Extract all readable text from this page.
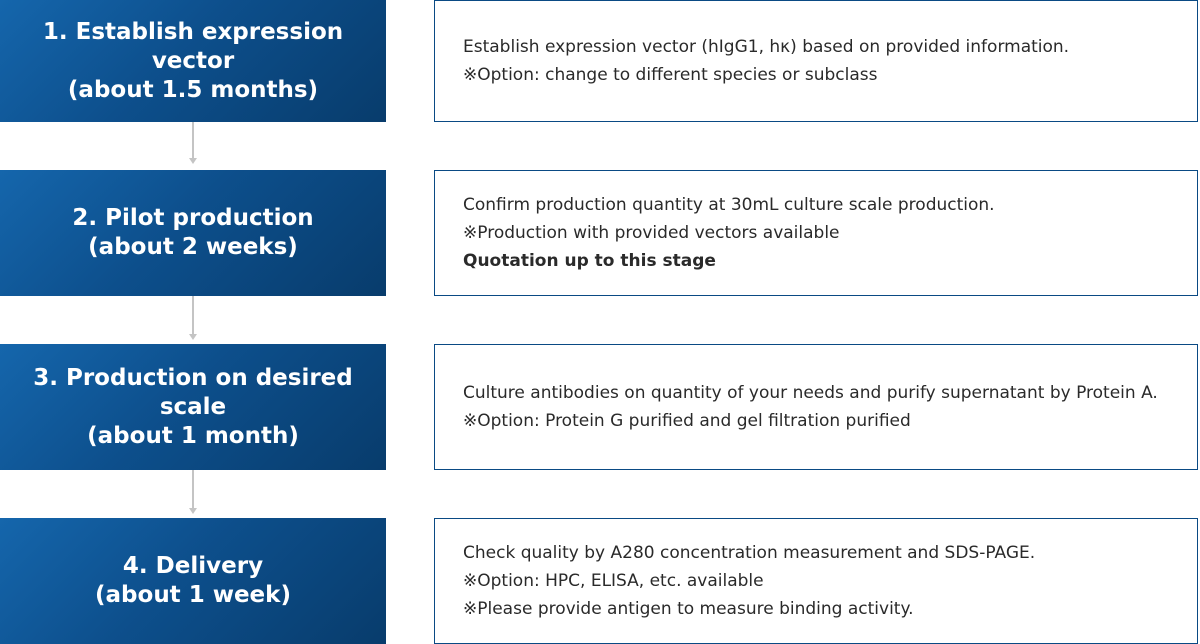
1. Establish expression vector
(about 1.5 months)
Establish expression vector (hIgG1, hκ) based on provided information.
※Option: change to different species or subclass
2. Pilot production
(about 2 weeks)
Confirm production quantity at 30mL culture scale production.
※Production with provided vectors available
Quotation up to this stage
3. Production on desired scale
(about 1 month)
Culture antibodies on quantity of your needs and purify supernatant by Protein A.
※Option: Protein G purified and gel filtration purified
4. Delivery
(about 1 week)
Check quality by A280 concentration measurement and SDS-PAGE.
※Option: HPC, ELISA, etc. available
※Please provide antigen to measure binding activity.
